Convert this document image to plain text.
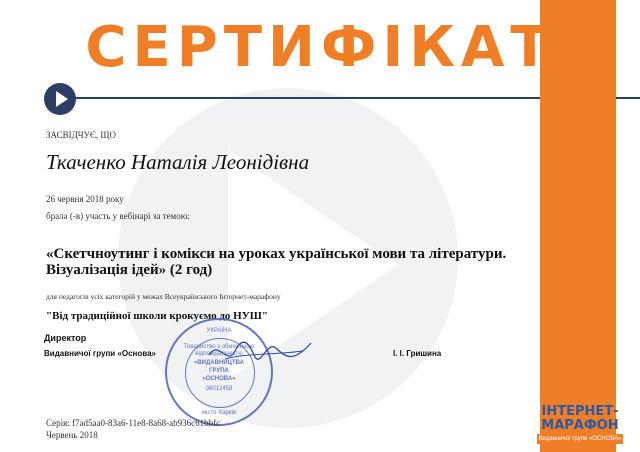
СЕРТИФІКАТ
ЗАСВІДЧУЄ, ЩО
Ткаченко Наталія Леонідівна
26 червня 2018 року
брала (-в) участь у вебінарі за темою:
«Скетчноутинг і комікси на уроках української мови та літератури.
Візуалізація ідей» (2 год)
для педагогів усіх категорій у межах Всеукраїнського Інтернет-марафону
"Від традиційної школи крокуємо до НУШ"
Директор
Видавничої групи «Основа»	І. І. Гришина
УКРАЇНА
Товариство з обмеженою
відповідальністю
«ВИДАВНИЦТВА
ГРУПА
«ОСНОВА»
36012458
місто Харків
Серія: f7ad5aa0-83a6-11e8-8a68-ab936c61bbfc
Червень 2018
ІНТЕРНЕТ-
МАРАФОН
Видавничої групи «ОСНОВА»
